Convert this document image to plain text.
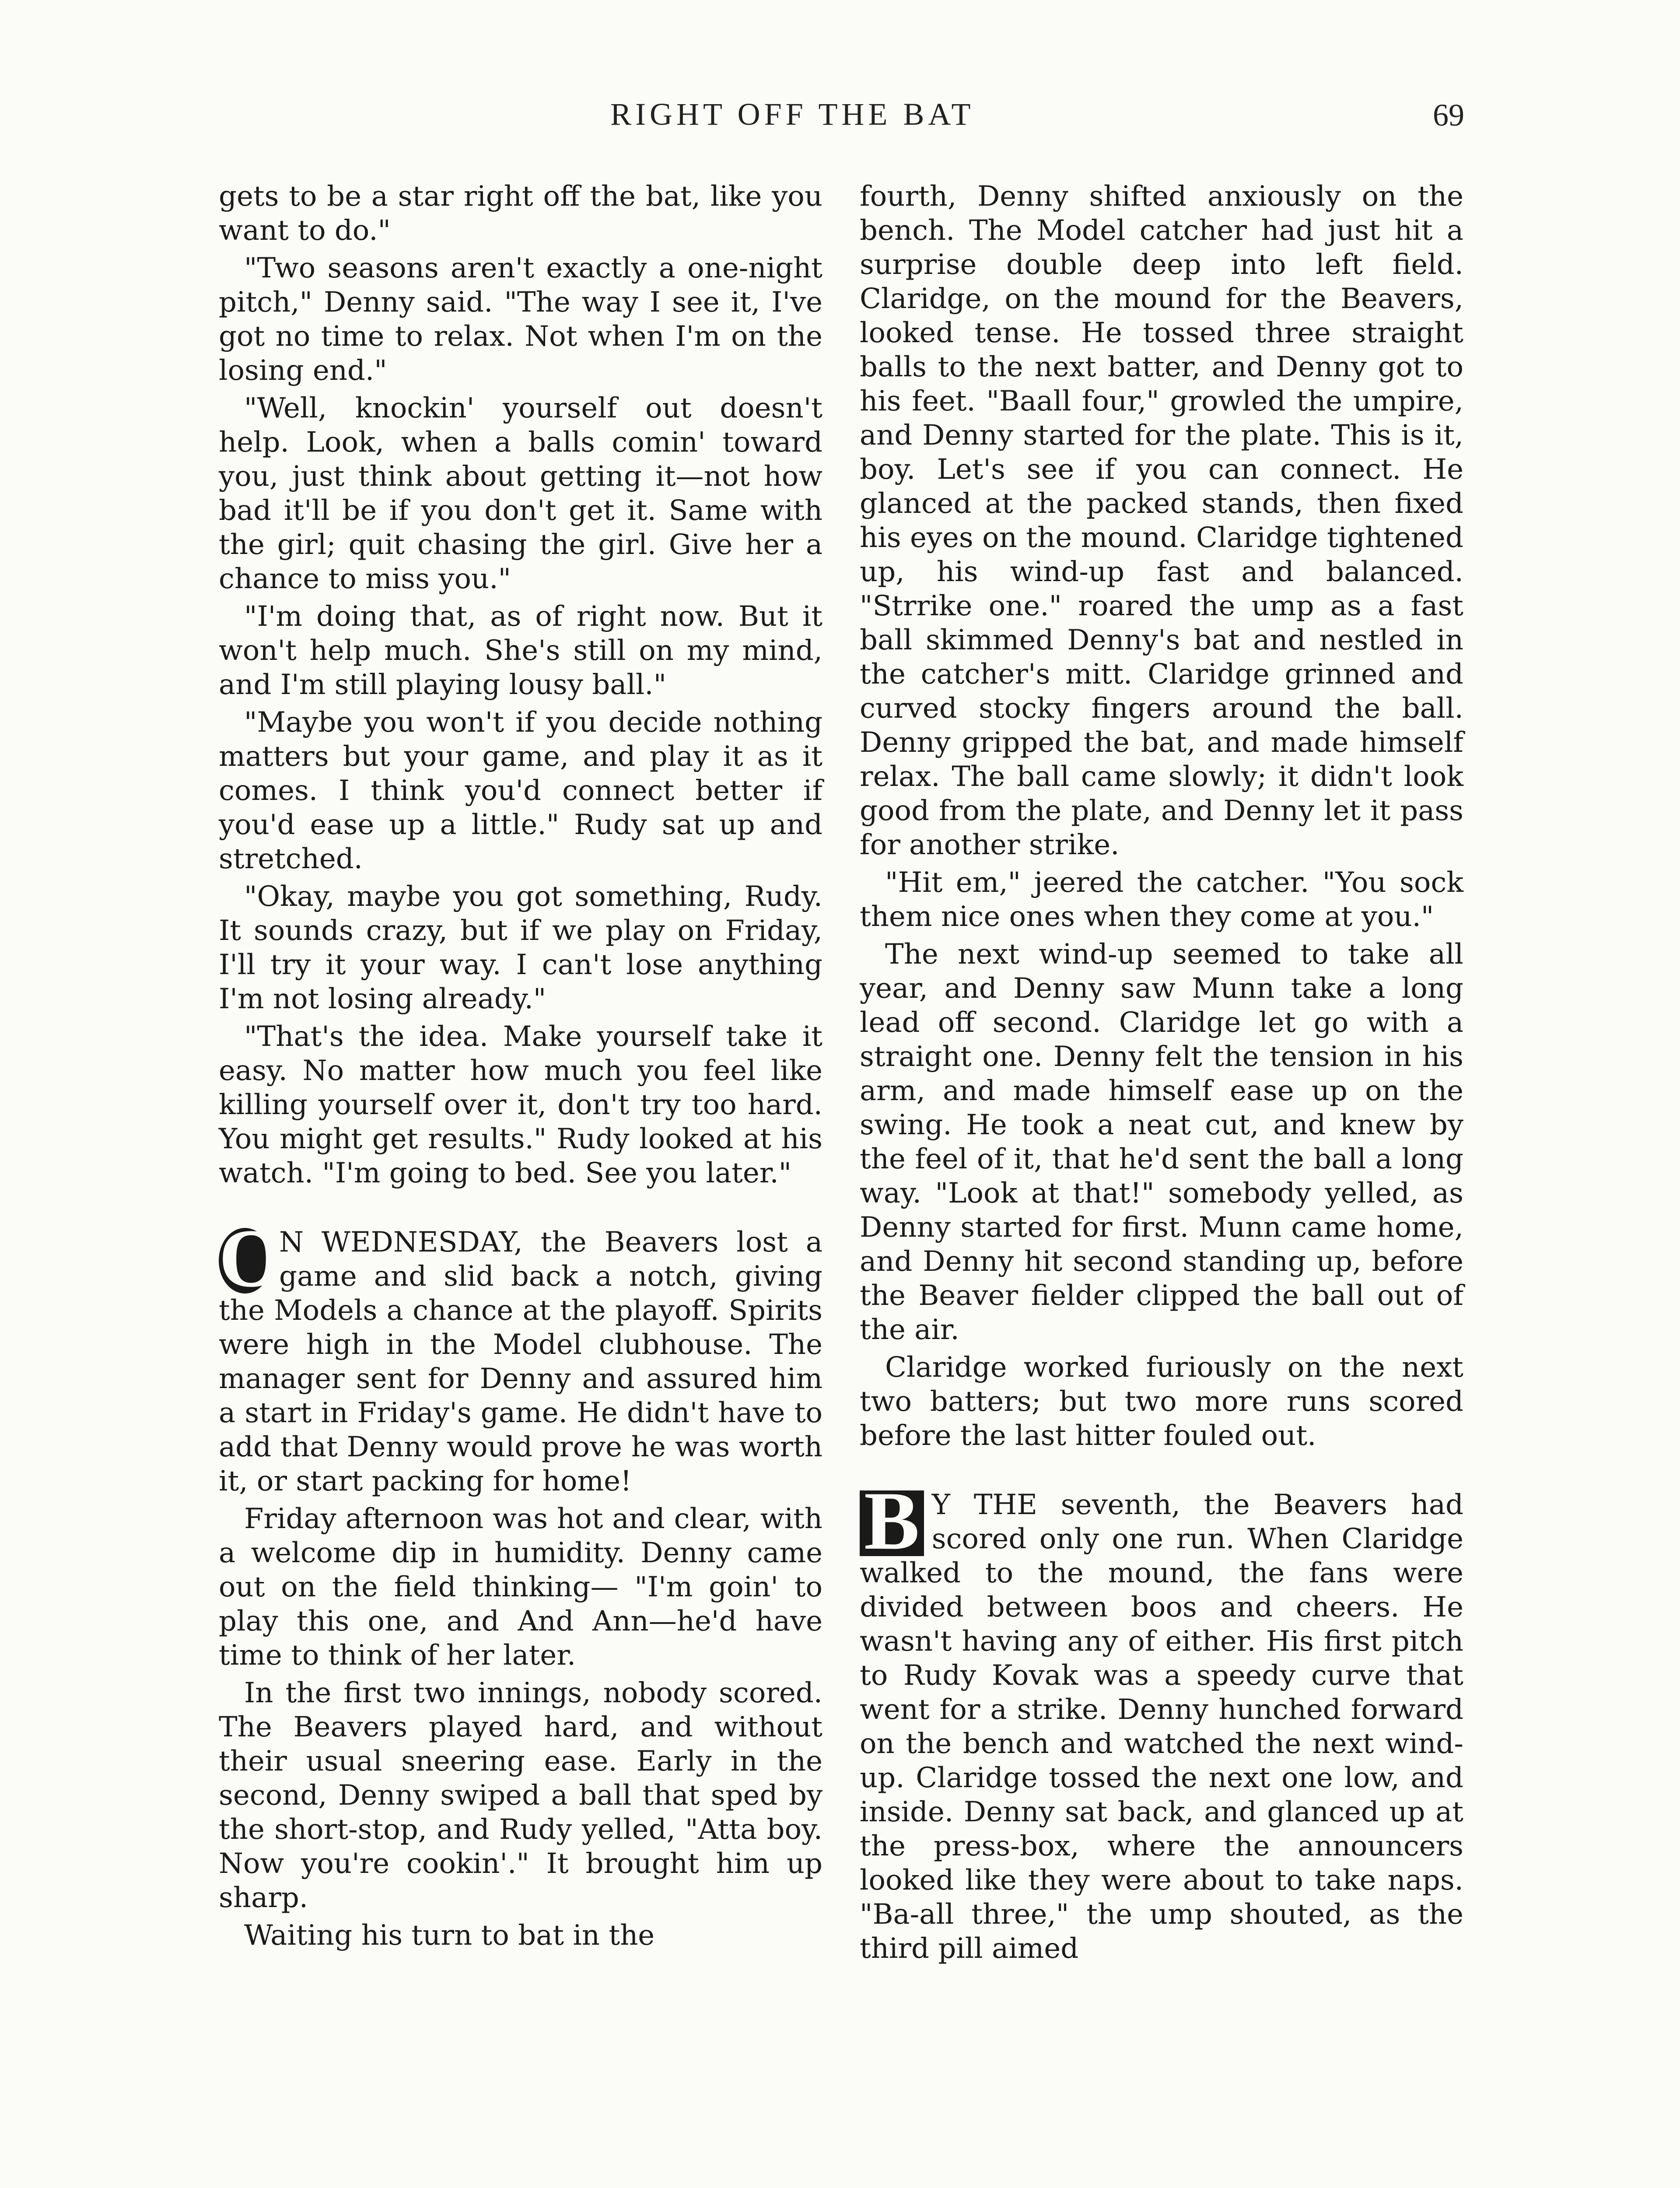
RIGHT OFF THE BAT	69

gets to be a star right off the bat, like you want to do."

"Two seasons aren't exactly a one-night pitch," Denny said. "The way I see it, I've got no time to relax. Not when I'm on the losing end."

"Well, knockin' yourself out doesn't help. Look, when a balls comin' toward you, just think about getting it—not how bad it'll be if you don't get it. Same with the girl; quit chasing the girl. Give her a chance to miss you."

"I'm doing that, as of right now. But it won't help much. She's still on my mind, and I'm still playing lousy ball."

"Maybe you won't if you decide nothing matters but your game, and play it as it comes. I think you'd connect better if you'd ease up a little." Rudy sat up and stretched.

"Okay, maybe you got something, Rudy. It sounds crazy, but if we play on Friday, I'll try it your way. I can't lose anything I'm not losing already."

"That's the idea. Make yourself take it easy. No matter how much you feel like killing yourself over it, don't try too hard. You might get results." Rudy looked at his watch. "I'm going to bed. See you later."

O
N WEDNESDAY, the Beavers lost a game and slid back a notch, giving the Models a chance at the playoff. Spirits were high in the Model clubhouse. The manager sent for Denny and assured him a start in Friday's game. He didn't have to add that Denny would prove he was worth it, or start packing for home!

Friday afternoon was hot and clear, with a welcome dip in humidity. Denny came out on the field thinking— "I'm goin' to play this one, and And Ann—he'd have time to think of her later.

In the first two innings, nobody scored. The Beavers played hard, and without their usual sneering ease. Early in the second, Denny swiped a ball that sped by the short-stop, and Rudy yelled, "Atta boy. Now you're cookin'." It brought him up sharp.

Waiting his turn to bat in the

fourth, Denny shifted anxiously on the bench. The Model catcher had just hit a surprise double deep into left field. Claridge, on the mound for the Beavers, looked tense. He tossed three straight balls to the next batter, and Denny got to his feet. "Baall four," growled the umpire, and Denny started for the plate. This is it, boy. Let's see if you can connect. He glanced at the packed stands, then fixed his eyes on the mound. Claridge tightened up, his wind-up fast and balanced. "Strrike one." roared the ump as a fast ball skimmed Denny's bat and nestled in the catcher's mitt. Claridge grinned and curved stocky fingers around the ball. Denny gripped the bat, and made himself relax. The ball came slowly; it didn't look good from the plate, and Denny let it pass for another strike.

"Hit em," jeered the catcher. "You sock them nice ones when they come at you."

The next wind-up seemed to take all year, and Denny saw Munn take a long lead off second. Claridge let go with a straight one. Denny felt the tension in his arm, and made himself ease up on the swing. He took a neat cut, and knew by the feel of it, that he'd sent the ball a long way. "Look at that!" somebody yelled, as Denny started for first. Munn came home, and Denny hit second standing up, before the Beaver fielder clipped the ball out of the air.

Claridge worked furiously on the next two batters; but two more runs scored before the last hitter fouled out.

B Y THE seventh, the Beavers had scored only one run. When Claridge walked to the mound, the fans were divided between boos and cheers. He wasn't having any of either. His first pitch to Rudy Kovak was a speedy curve that went for a strike. Denny hunched forward on the bench and watched the next wind-up. Claridge tossed the next one low, and inside. Denny sat back, and glanced up at the press-box, where the announcers looked like they were about to take naps. "Ba-all three," the ump shouted, as the third pill aimed
